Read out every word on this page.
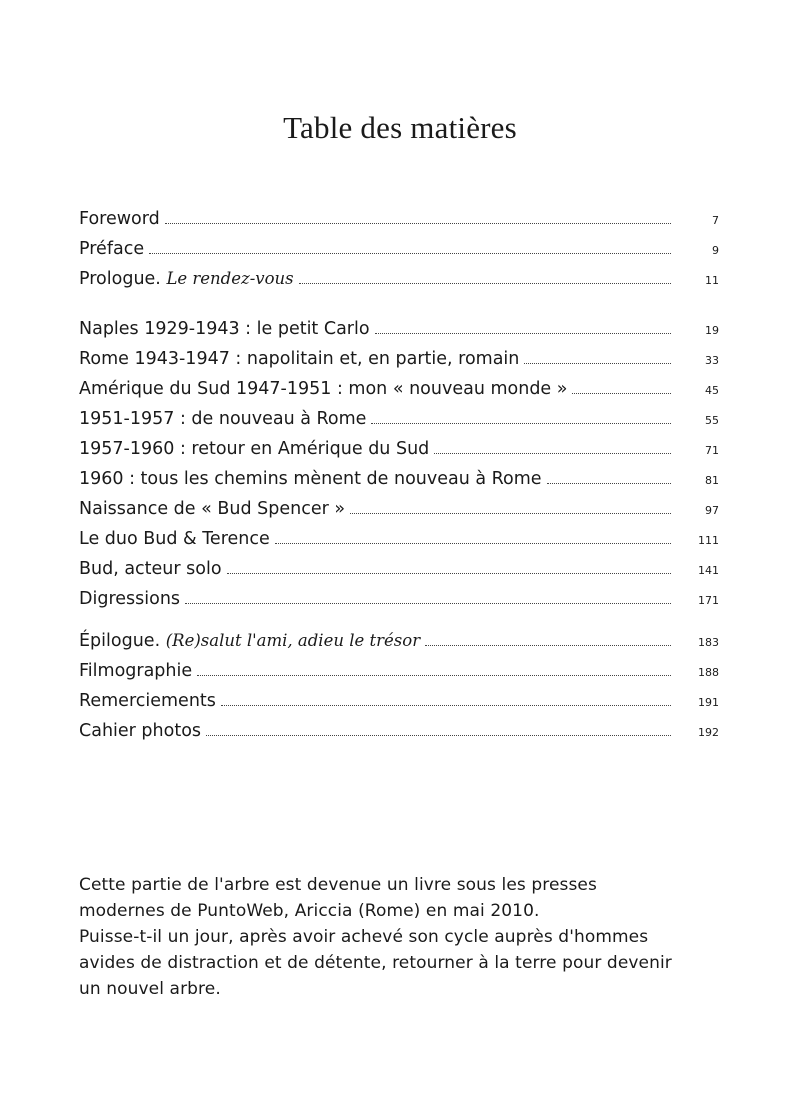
Table des matières
Foreword	7
Préface	9
Prologue. Le rendez-vous	11
Naples 1929-1943 : le petit Carlo	19
Rome 1943-1947 : napolitain et, en partie, romain	33
Amérique du Sud 1947-1951 : mon « nouveau monde »	45
1951-1957 : de nouveau à Rome	55
1957-1960 : retour en Amérique du Sud	71
1960 : tous les chemins mènent de nouveau à Rome	81
Naissance de « Bud Spencer »	97
Le duo Bud & Terence	111
Bud, acteur solo	141
Digressions	171
Épilogue. (Re)salut l'ami, adieu le trésor	183
Filmographie	188
Remerciements	191
Cahier photos	192

Cette partie de l'arbre est devenue un livre sous les presses

modernes de PuntoWeb, Ariccia (Rome) en mai 2010.

Puisse-t-il un jour, après avoir achevé son cycle auprès d'hommes

avides de distraction et de détente, retourner à la terre pour devenir

un nouvel arbre.
